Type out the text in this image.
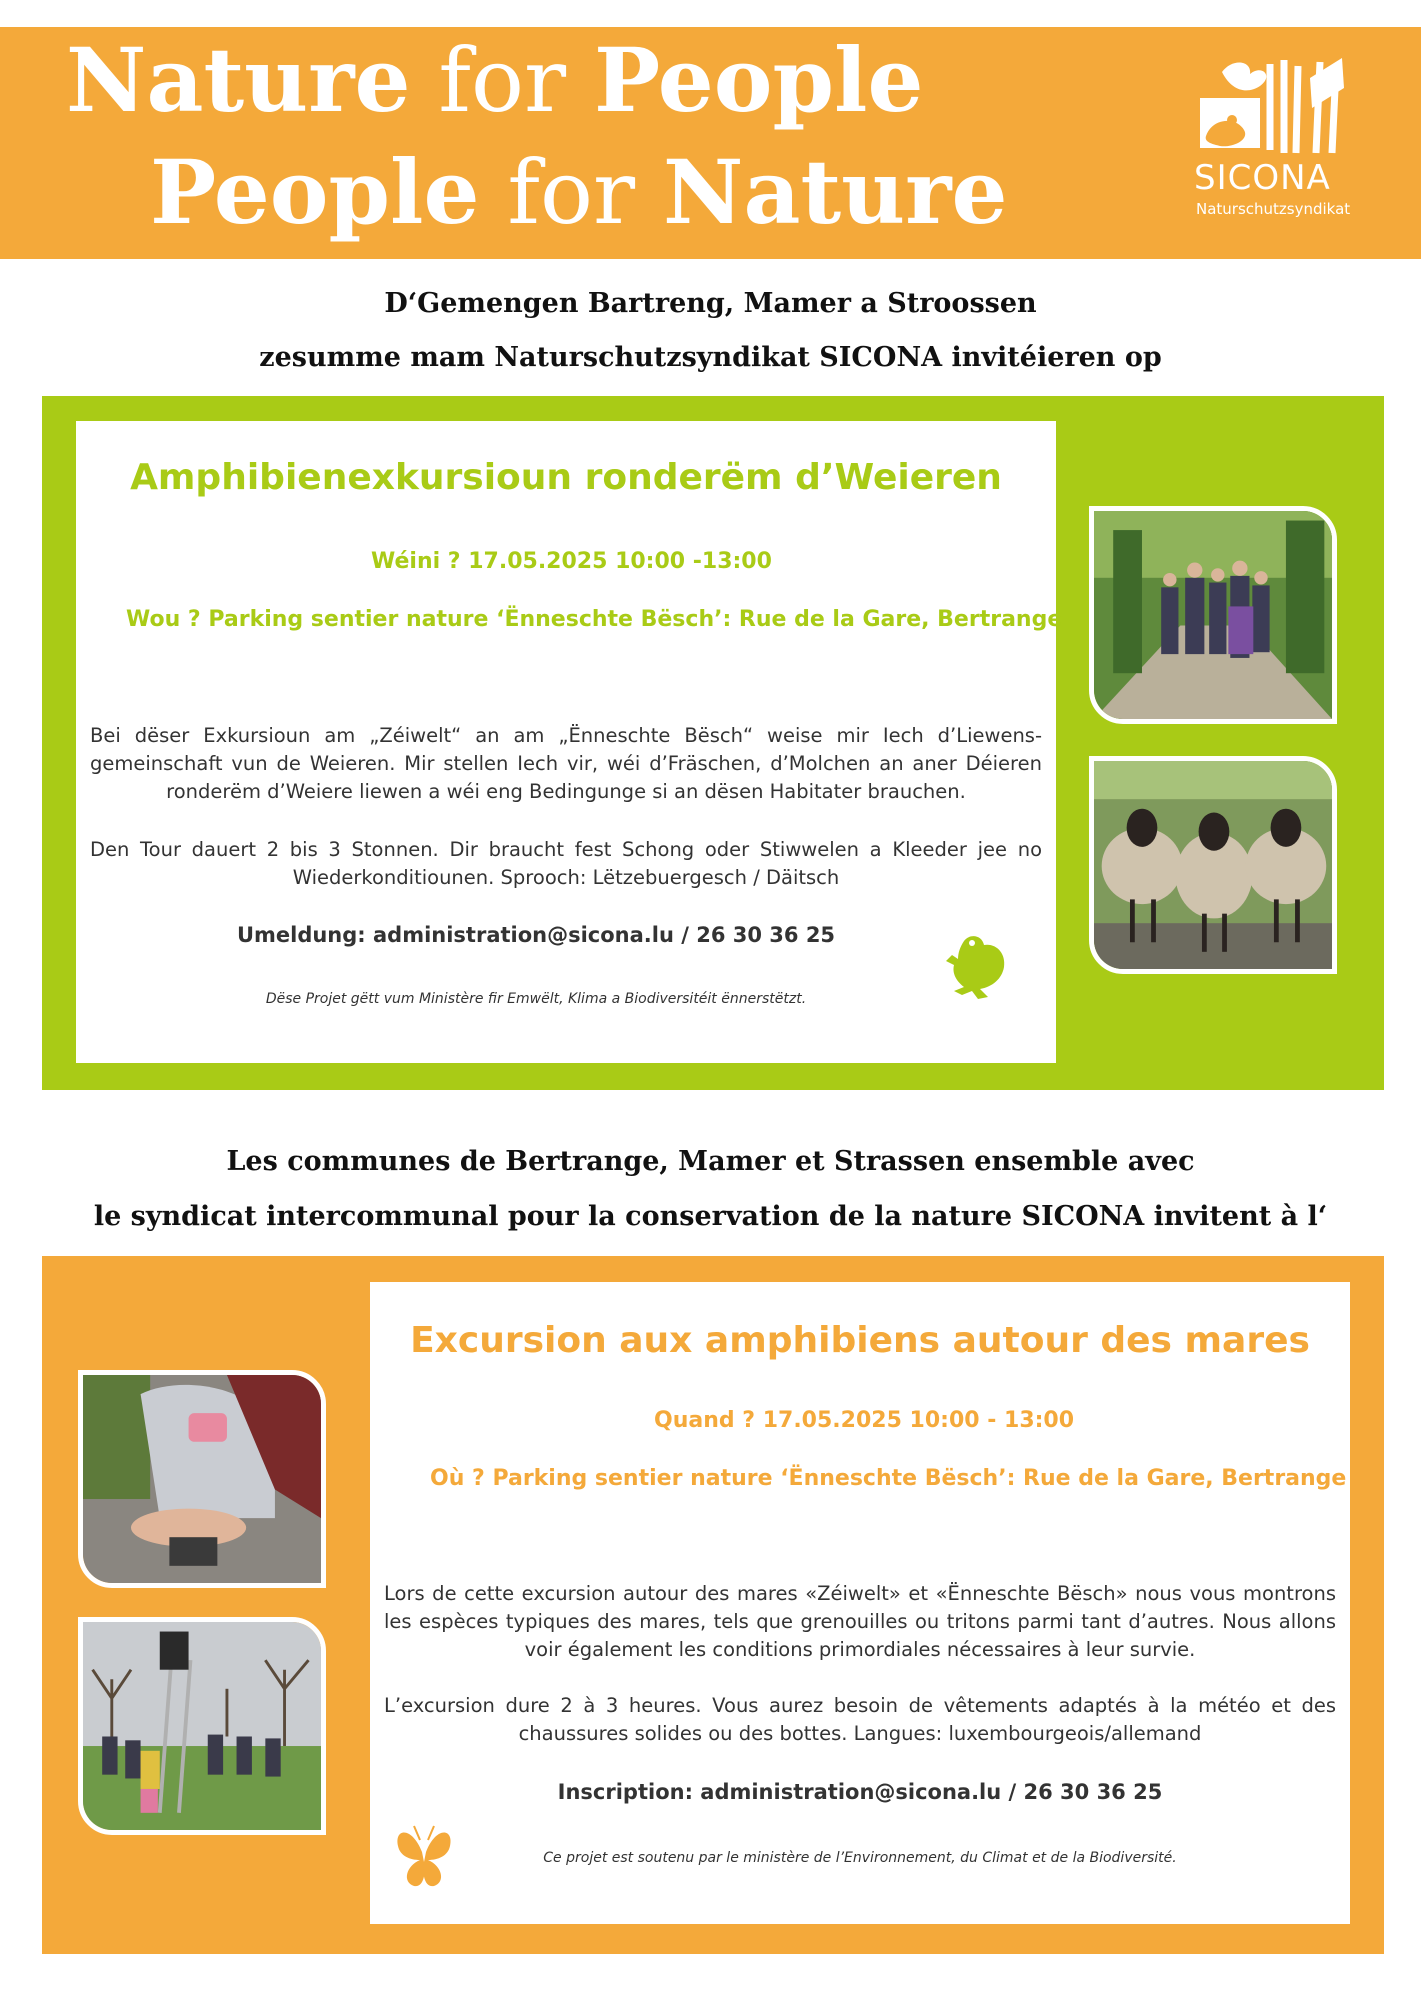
Nature for People
People for Nature	SICONA
Naturschutzsyndikat
D‘Gemengen Bartreng, Mamer a Stroossen
zesumme mam Naturschutzsyndikat SICONA invitéieren op
Amphibienexkursioun ronderëm d’Weieren
Wéini ? 17.05.2025 10:00 -13:00
Wou ? Parking sentier nature ‘Ënneschte Bësch’: Rue de la Gare, Bertrange
Bei dëser Exkursioun am „Zéiwelt“ an am „Ënneschte Bësch“ weise mir Iech d’Liewens-gemeinschaft vun de Weieren. Mir stellen Iech vir, wéi d’Fräschen, d’Molchen an aner Déieren ronderëm d’Weiere liewen a wéi eng Bedingunge si an dësen Habitater brauchen.
Den Tour dauert 2 bis 3 Stonnen. Dir braucht fest Schong oder Stiwwelen a Kleeder jee no Wiederkonditiounen. Sprooch: Lëtzebuergesch / Däitsch
Umeldung: administration@sicona.lu / 26 30 36 25
Dëse Projet gëtt vum Ministère fir Emwëlt, Klima a Biodiversitéit ënnerstëtzt.
Les communes de Bertrange, Mamer et Strassen ensemble avec
le syndicat intercommunal pour la conservation de la nature SICONA invitent à l‘
Excursion aux amphibiens autour des mares
Quand ? 17.05.2025 10:00 - 13:00
Où ? Parking sentier nature ‘Ënneschte Bësch’: Rue de la Gare, Bertrange
Lors de cette excursion autour des mares «Zéiwelt» et «Ënneschte Bësch» nous vous montrons les espèces typiques des mares, tels que grenouilles ou tritons parmi tant d’autres. Nous allons voir également les conditions primordiales nécessaires à leur survie.
L’excursion dure 2 à 3 heures. Vous aurez besoin de vêtements adaptés à la météo et des chaussures solides ou des bottes. Langues: luxembourgeois/allemand
Inscription: administration@sicona.lu / 26 30 36 25
Ce projet est soutenu par le ministère de l’Environnement, du Climat et de la Biodiversité.
